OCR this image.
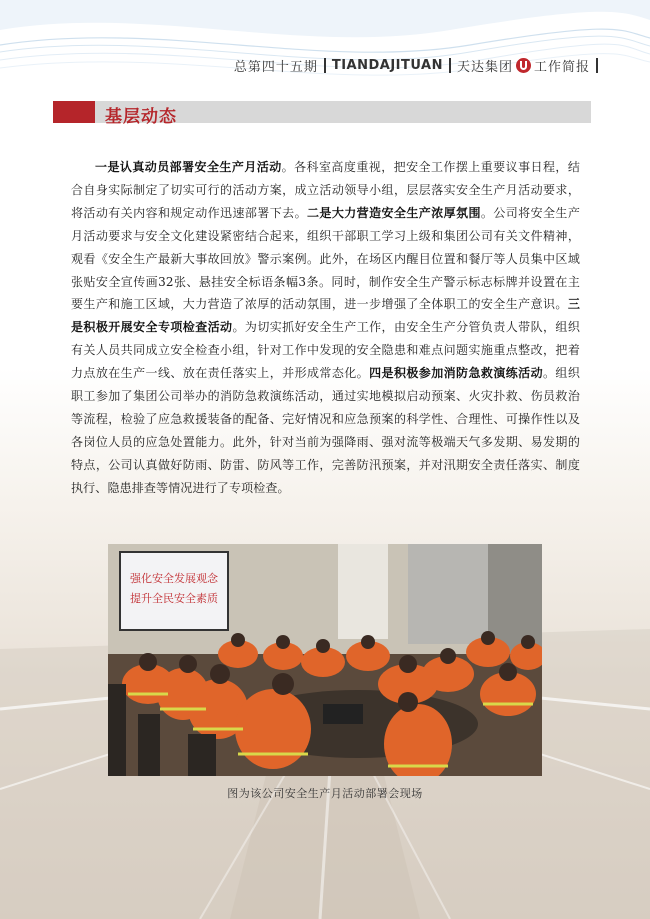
总第四十五期 TIANDAJITUAN 天达集团 工作简报
基层动态

一是认真动员部署安全生产月活动。各科室高度重视，把安全工作摆上重要议事日程，结合自身实际制定了切实可行的活动方案，成立活动领导小组，层层落实安全生产月活动要求，将活动有关内容和规定动作迅速部署下去。二是大力营造安全生产浓厚氛围。公司将安全生产月活动要求与安全文化建设紧密结合起来，组织干部职工学习上级和集团公司有关文件精神，观看《安全生产最新大事故回放》警示案例。此外，在场区内醒目位置和餐厅等人员集中区域张贴安全宣传画32张、悬挂安全标语条幅3条。同时，制作安全生产警示标志标牌并设置在主要生产和施工区域，大力营造了浓厚的活动氛围，进一步增强了全体职工的安全生产意识。三是积极开展安全专项检查活动。为切实抓好安全生产工作，由安全生产分管负责人带队，组织有关人员共同成立安全检查小组，针对工作中发现的安全隐患和难点问题实施重点整改，把着力点放在生产一线、放在责任落实上，并形成常态化。四是积极参加消防急救演练活动。组织职工参加了集团公司举办的消防急救演练活动，通过实地模拟启动预案、火灾扑救、伤员救治等流程，检验了应急救援装备的配备、完好情况和应急预案的科学性、合理性、可操作性以及各岗位人员的应急处置能力。此外，针对当前为强降雨、强对流等极端天气多发期、易发期的特点，公司认真做好防雨、防雷、防风等工作，完善防汛预案，并对汛期安全责任落实、制度执行、隐患排查等情况进行了专项检查。

强化安全发展观念
提升全民安全素质
图为该公司安全生产月活动部署会现场
